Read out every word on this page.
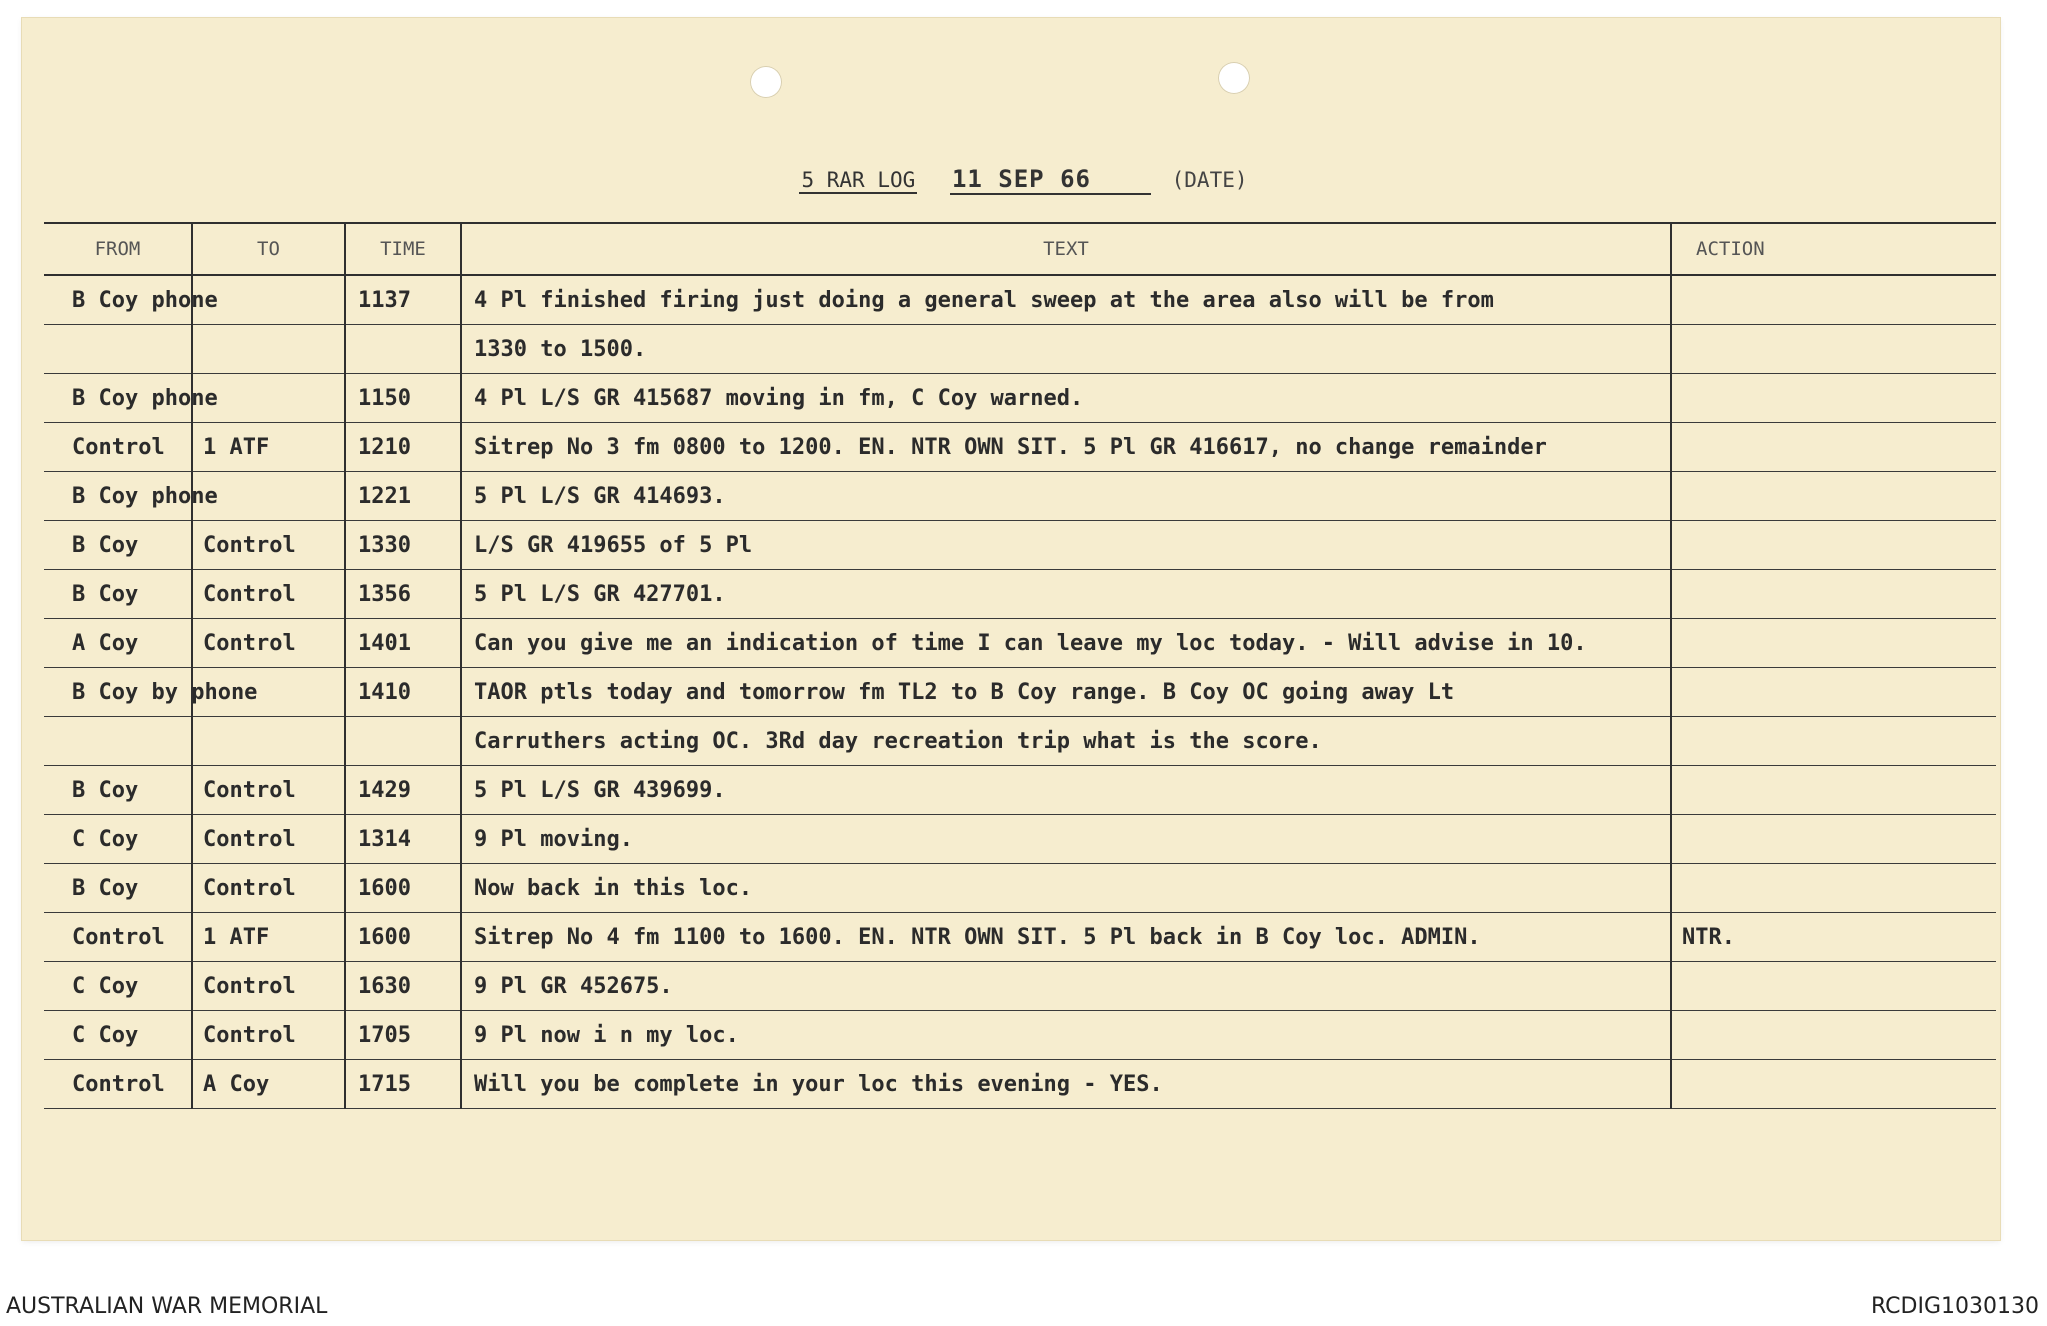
5 RAR LOG 11 SEP 66	(DATE)
FROM	TO	TIME	TEXT	ACTION
B Coy phone		1137	4 Pl finished firing just doing a general sweep at the area also will be from	
			1330 to 1500.	
B Coy phone		1150	4 Pl L/S GR 415687 moving in fm, C Coy warned.	
Control	1 ATF	1210	Sitrep No 3 fm 0800 to 1200. EN. NTR OWN SIT. 5 Pl GR 416617, no change remainder	
B Coy phone		1221	5 Pl L/S GR 414693.	
B Coy	Control	1330	L/S GR 419655 of 5 Pl	
B Coy	Control	1356	5 Pl L/S GR 427701.	
A Coy	Control	1401	Can you give me an indication of time I can leave my loc today. - Will advise in 10.	
B Coy by phone		1410	TAOR ptls today and tomorrow fm TL2 to B Coy range. B Coy OC going away Lt	
			Carruthers acting OC. 3Rd day recreation trip what is the score.	
B Coy	Control	1429	5 Pl L/S GR 439699.	
C Coy	Control	1314	9 Pl moving.	
B Coy	Control	1600	Now back in this loc.	
Control	1 ATF	1600	Sitrep No 4 fm 1100 to 1600. EN. NTR OWN SIT. 5 Pl back in B Coy loc. ADMIN.	NTR.
C Coy	Control	1630	9 Pl GR 452675.	
C Coy	Control	1705	9 Pl now i n my loc.	
Control	A Coy	1715	Will you be complete in your loc this evening - YES.	
AUSTRALIAN WAR MEMORIAL	RCDIG1030130
